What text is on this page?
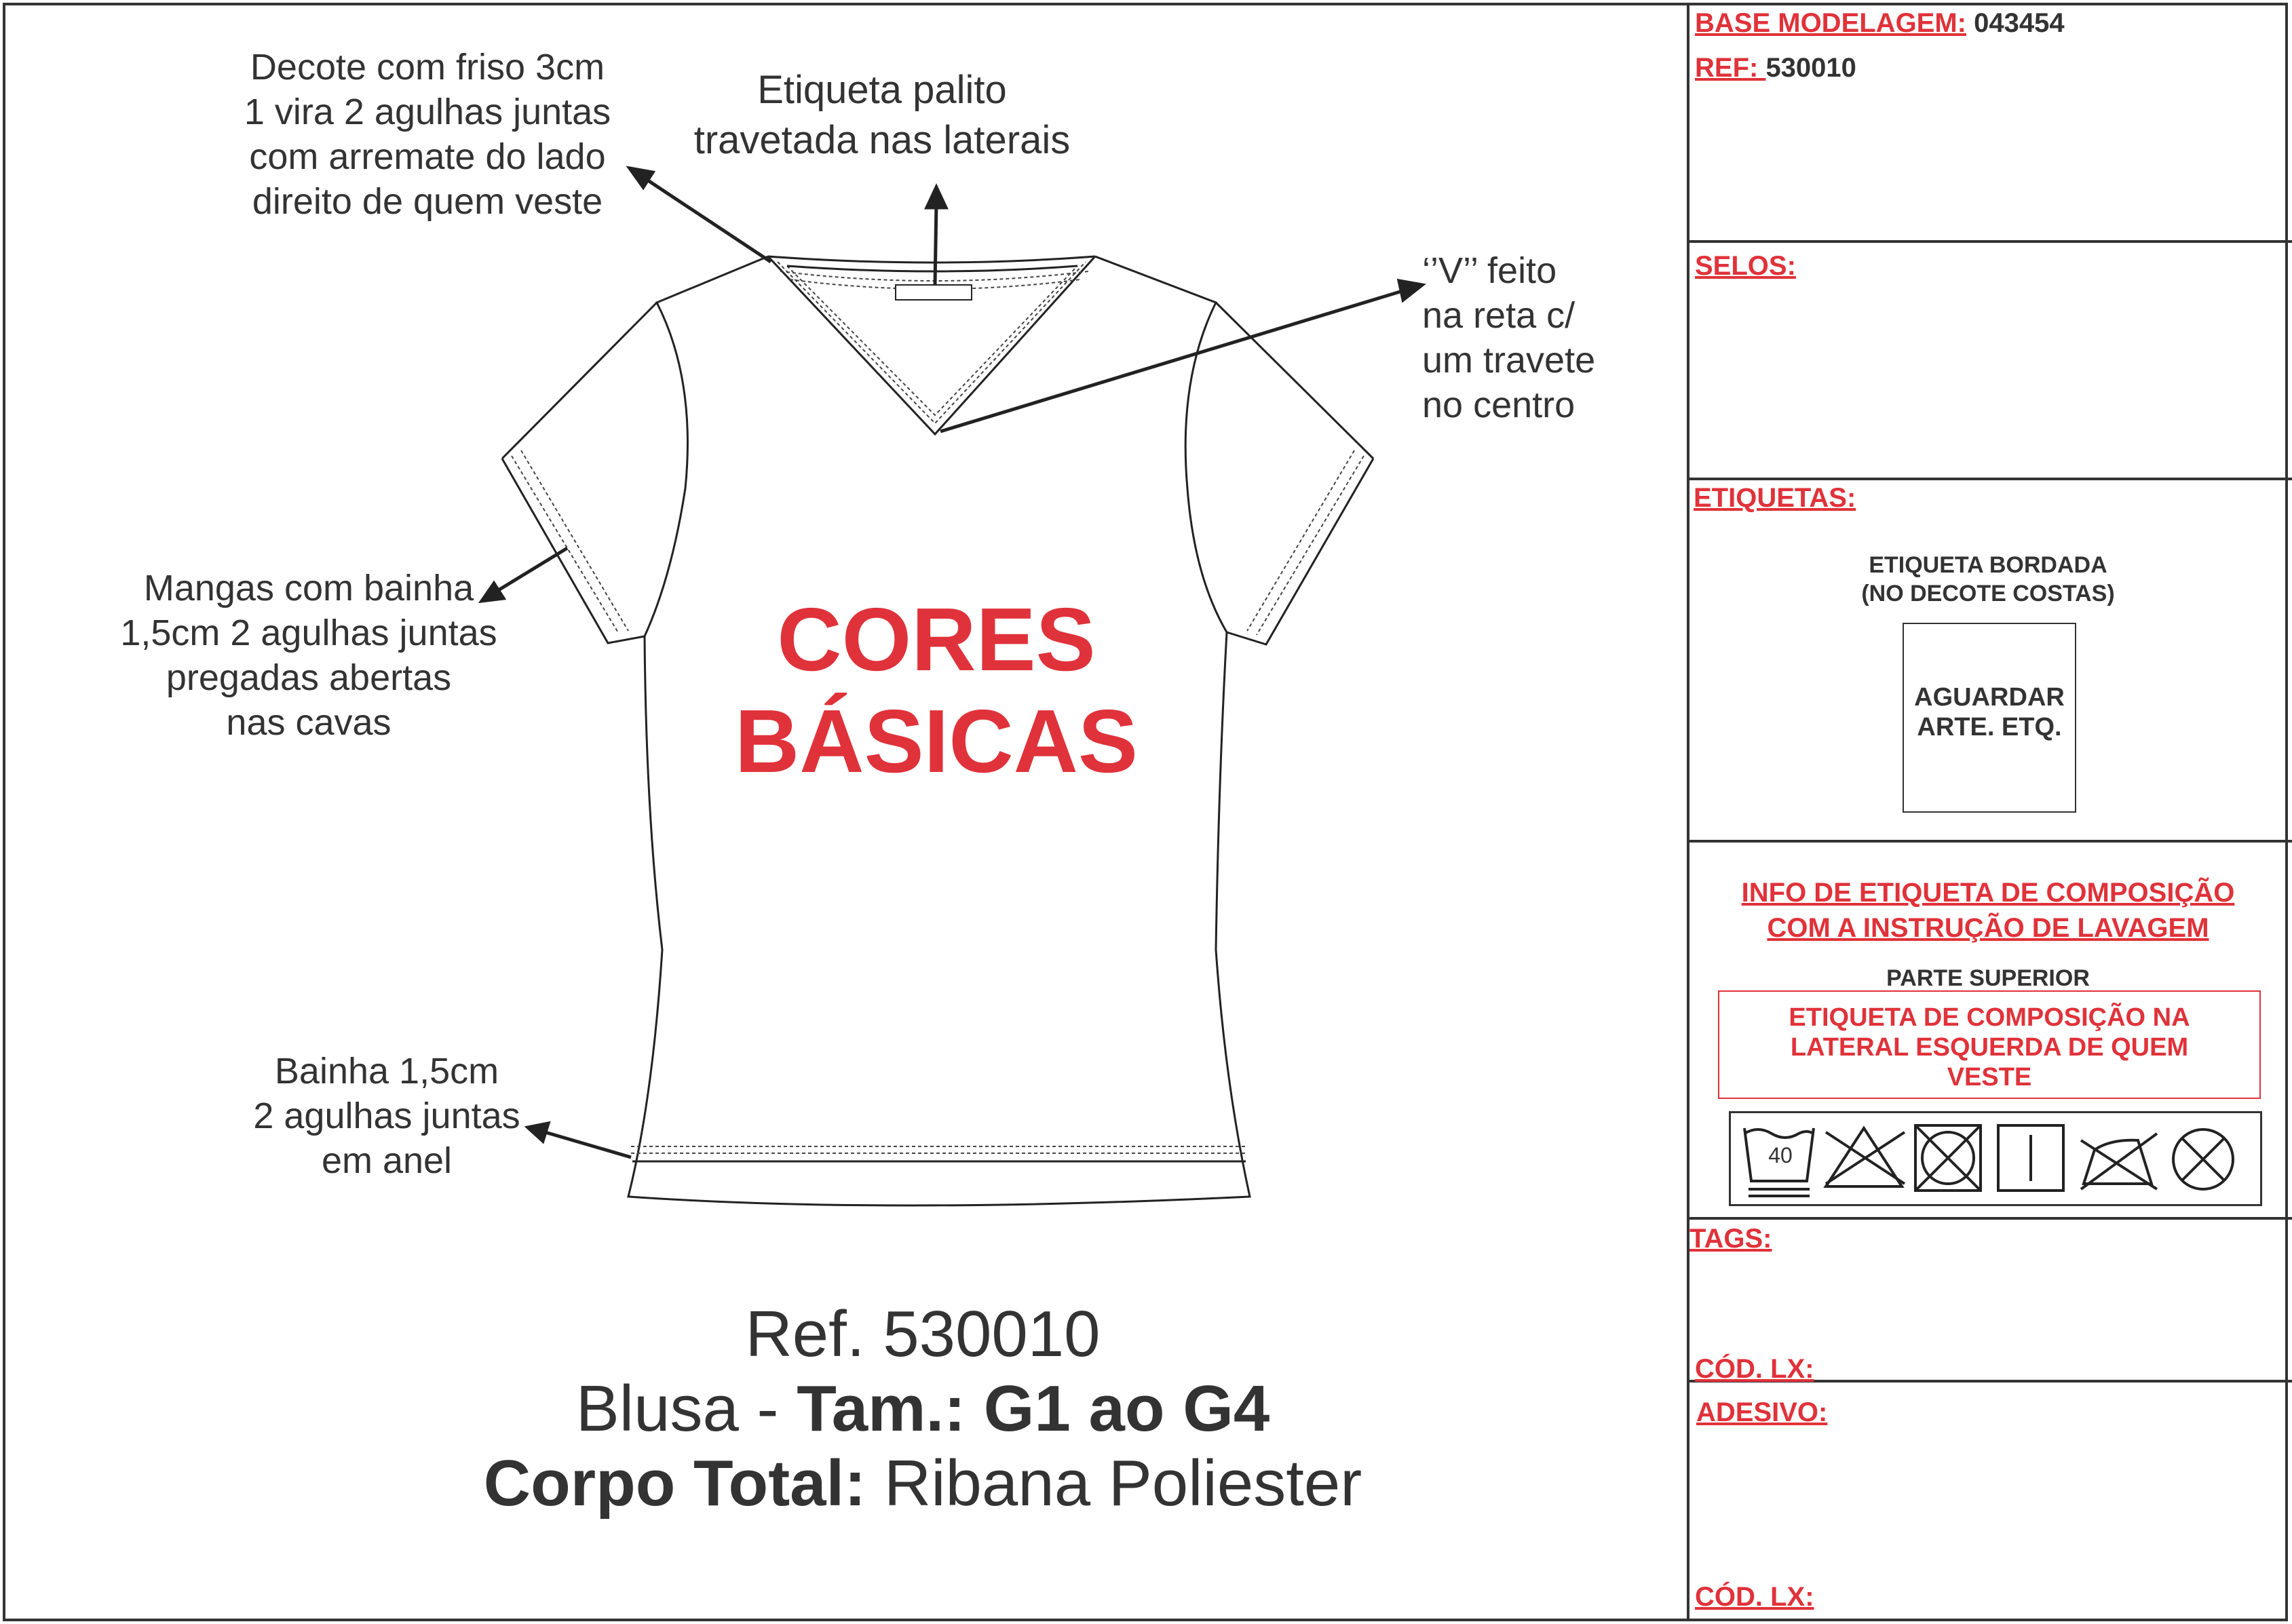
Decote com friso 3cm
1 vira 2 agulhas juntas
com arremate do lado
direito de quem veste
Etiqueta palito
travetada nas laterais
‘’V’’ feito
na reta c/
um travete
no centro
Mangas com bainha
1,5cm 2 agulhas juntas
pregadas abertas
nas cavas
Bainha 1,5cm
2 agulhas juntas
em anel
CORES
BÁSICAS
Ref. 530010
Blusa - Tam.: G1 ao G4
Corpo Total: Ribana Poliester
BASE MODELAGEM: 043454
REF: 530010
SELOS:
ETIQUETAS:
ETIQUETA BORDADA
(NO DECOTE COSTAS)
AGUARDAR
ARTE. ETQ.
INFO DE ETIQUETA DE COMPOSIÇÃO
COM A INSTRUÇÃO DE LAVAGEM
PARTE SUPERIOR
ETIQUETA DE COMPOSIÇÃO NA
LATERAL ESQUERDA DE QUEM
VESTE
40
TAGS:
CÓD. LX:
ADESIVO:
CÓD. LX:
